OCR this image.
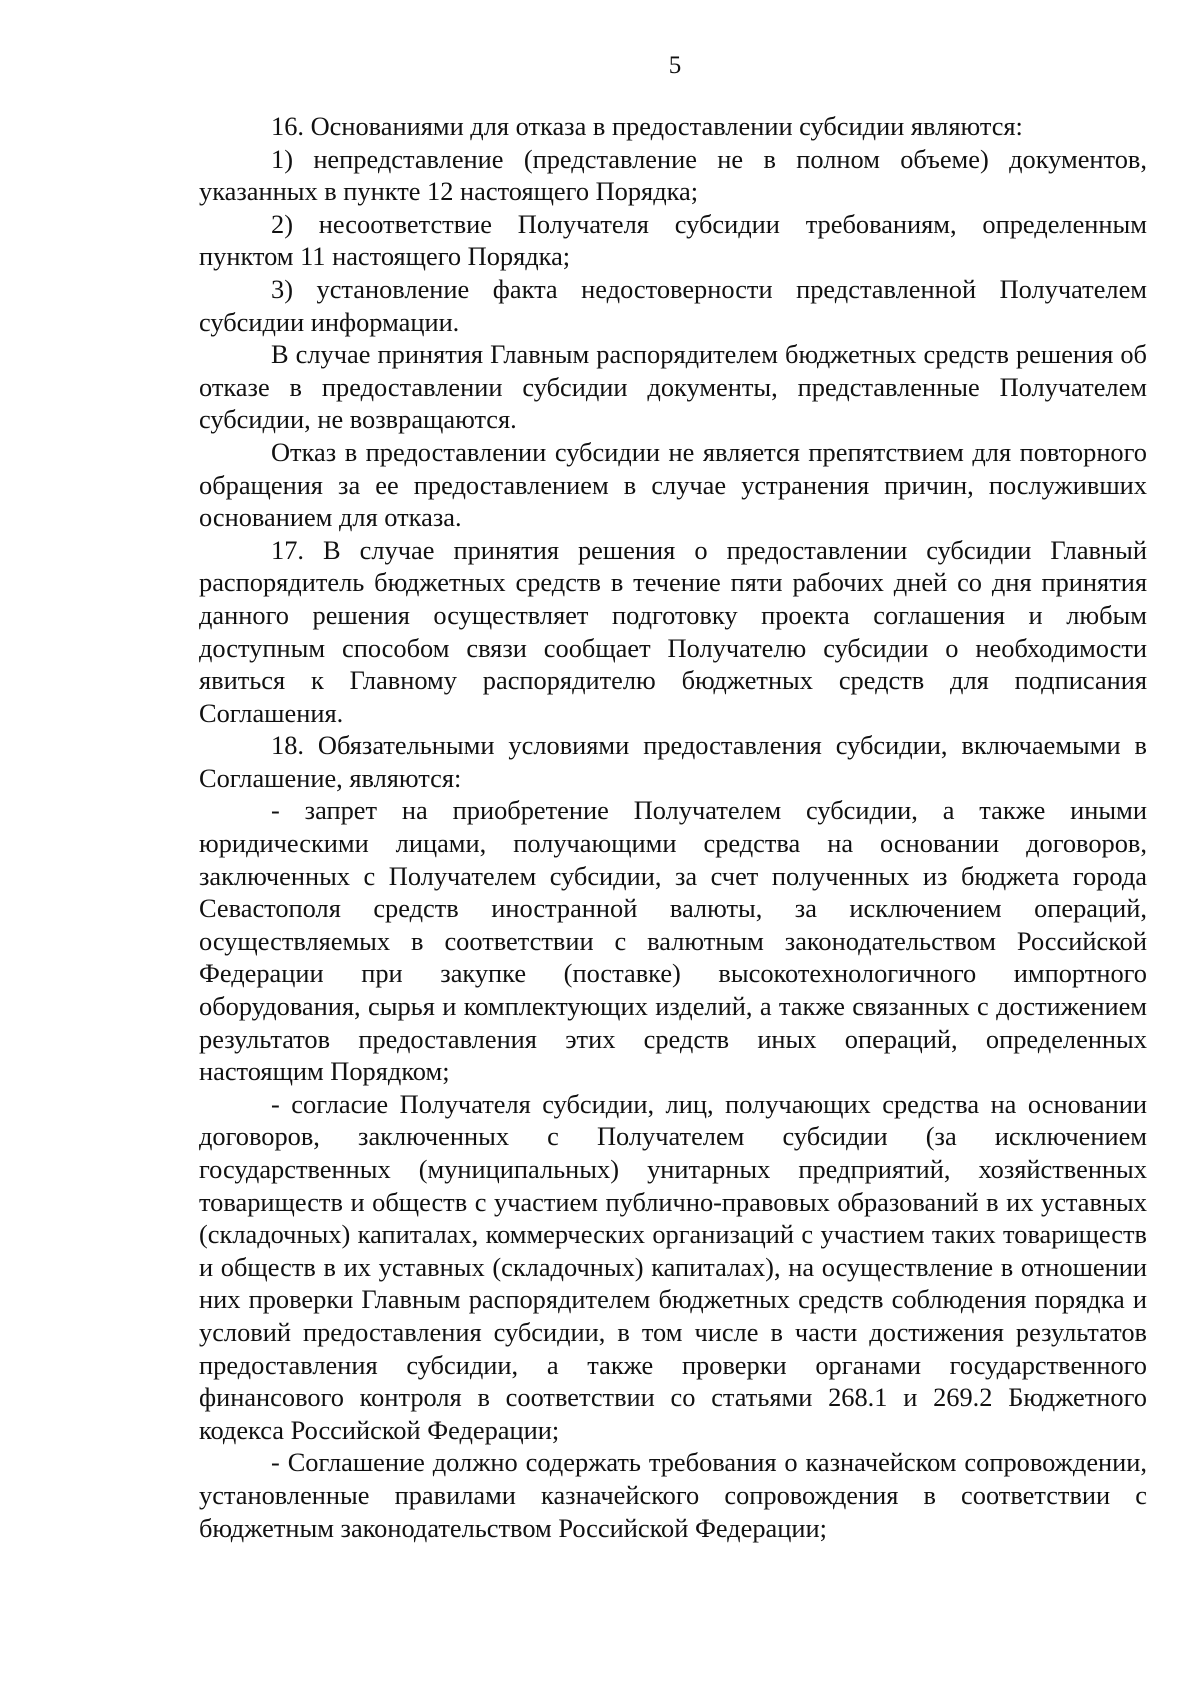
5

16. Основаниями для отказа в предоставлении субсидии являются:

1) непредставление (представление не в полном объеме) документов, указанных в пункте 12 настоящего Порядка;

2) несоответствие Получателя субсидии требованиям, определенным пунктом 11 настоящего Порядка;

3) установление факта недостоверности представленной Получателем субсидии информации.

В случае принятия Главным распорядителем бюджетных средств решения об отказе в предоставлении субсидии документы, представленные Получателем субсидии, не возвращаются.

Отказ в предоставлении субсидии не является препятствием для повторного обращения за ее предоставлением в случае устранения причин, послуживших основанием для отказа.

17. В случае принятия решения о предоставлении субсидии Главный распорядитель бюджетных средств в течение пяти рабочих дней со дня принятия данного решения осуществляет подготовку проекта соглашения и любым доступным способом связи сообщает Получателю субсидии о необходимости явиться к Главному распорядителю бюджетных средств для подписания Соглашения.

18. Обязательными условиями предоставления субсидии, включаемыми в Соглашение, являются:

- запрет на приобретение Получателем субсидии, а также иными юридическими лицами, получающими средства на основании договоров, заключенных с Получателем субсидии, за счет полученных из бюджета города Севастополя средств иностранной валюты, за исключением операций, осуществляемых в соответствии с валютным законодательством Российской Федерации при закупке (поставке) высокотехнологичного импортного оборудования, сырья и комплектующих изделий, а также связанных с достижением результатов предоставления этих средств иных операций, определенных настоящим Порядком;

- согласие Получателя субсидии, лиц, получающих средства на основании договоров, заключенных с Получателем субсидии (за исключением государственных (муниципальных) унитарных предприятий, хозяйственных товариществ и обществ с участием публично-правовых образований в их уставных (складочных) капиталах, коммерческих организаций с участием таких товариществ и обществ в их уставных (складочных) капиталах), на осуществление в отношении них проверки Главным распорядителем бюджетных средств соблюдения порядка и условий предоставления субсидии, в том числе в части достижения результатов предоставления субсидии, а также проверки органами государственного финансового контроля в соответствии со статьями 268.1 и 269.2 Бюджетного кодекса Российской Федерации;

- Соглашение должно содержать требования о казначейском сопровождении, установленные правилами казначейского сопровождения в соответствии с бюджетным законодательством Российской Федерации;
